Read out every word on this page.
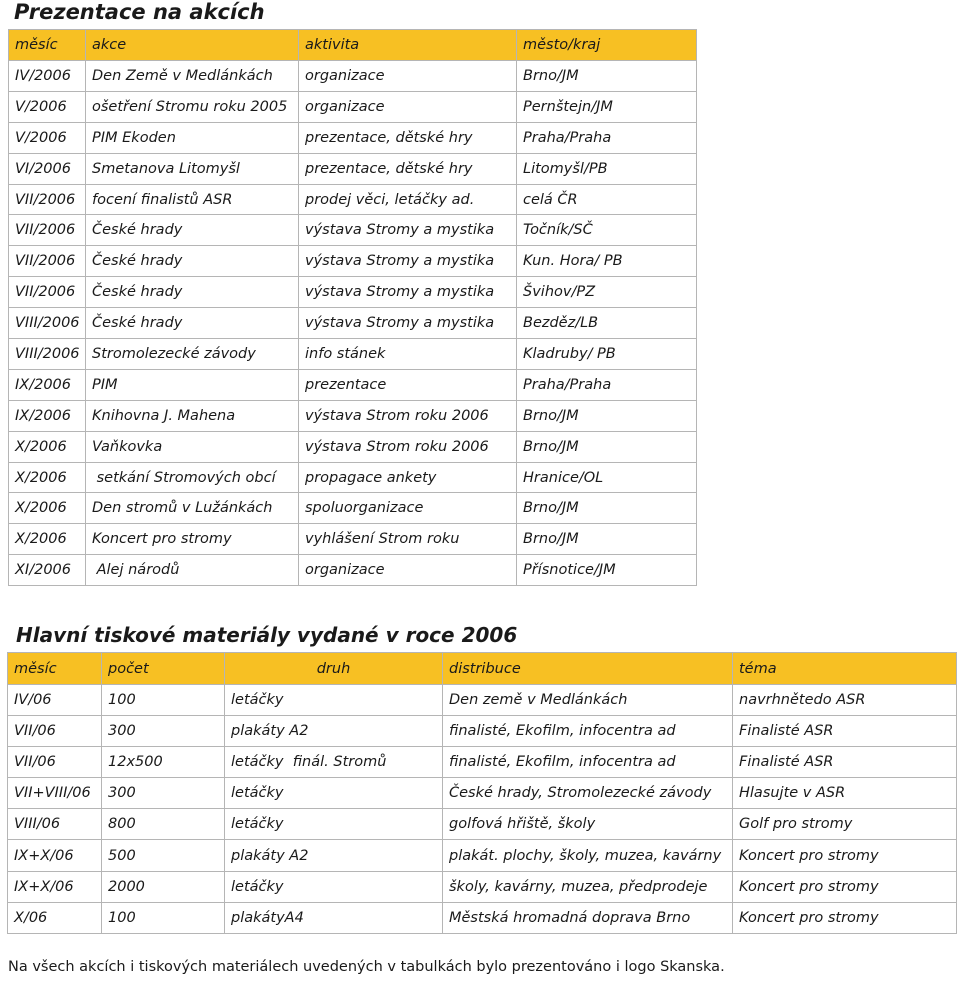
Prezentace na akcích
měsíc	akce	aktivita	město/kraj
IV/2006	Den Země v Medlánkách	organizace	Brno/JM
V/2006	ošetření Stromu roku 2005	organizace	Pernštejn/JM
V/2006	PIM Ekoden	prezentace, dětské hry	Praha/Praha
VI/2006	Smetanova Litomyšl	prezentace, dětské hry	Litomyšl/PB
VII/2006	focení finalistů ASR	prodej věci, letáčky ad.	celá ČR
VII/2006	České hrady	výstava Stromy a mystika	Točník/SČ
VII/2006	České hrady	výstava Stromy a mystika	Kun. Hora/ PB
VII/2006	České hrady	výstava Stromy a mystika	Švihov/PZ
VIII/2006	České hrady	výstava Stromy a mystika	Bezděz/LB
VIII/2006	Stromolezecké závody	info stánek	Kladruby/ PB
IX/2006	PIM	prezentace	Praha/Praha
IX/2006	Knihovna J. Mahena	výstava Strom roku 2006	Brno/JM
X/2006	Vaňkovka	výstava Strom roku 2006	Brno/JM
X/2006	setkání Stromových obcí	propagace ankety	Hranice/OL
X/2006	Den stromů v Lužánkách	spoluorganizace	Brno/JM
X/2006	Koncert pro stromy	vyhlášení Strom roku	Brno/JM
XI/2006	Alej národů	organizace	Přísnotice/JM
Hlavní tiskové materiály vydané v roce 2006
měsíc	počet	druh	distribuce	téma
IV/06	100	letáčky	Den země v Medlánkách	navrhnětedo ASR
VII/06	300	plakáty A2	finalisté, Ekofilm, infocentra ad	Finalisté ASR
VII/06	12x500	letáčky  finál. Stromů	finalisté, Ekofilm, infocentra ad	Finalisté ASR
VII+VIII/06	300	letáčky	České hrady, Stromolezecké závody	Hlasujte v ASR
VIII/06	800	letáčky	golfová hřiště, školy	Golf pro stromy
IX+X/06	500	plakáty A2	plakát. plochy, školy, muzea, kavárny	Koncert pro stromy
IX+X/06	2000	letáčky	školy, kavárny, muzea, předprodeje	Koncert pro stromy
X/06	100	plakátyA4	Městská hromadná doprava Brno	Koncert pro stromy
Na všech akcích i tiskových materiálech uvedených v tabulkách bylo prezentováno i logo Skanska.
